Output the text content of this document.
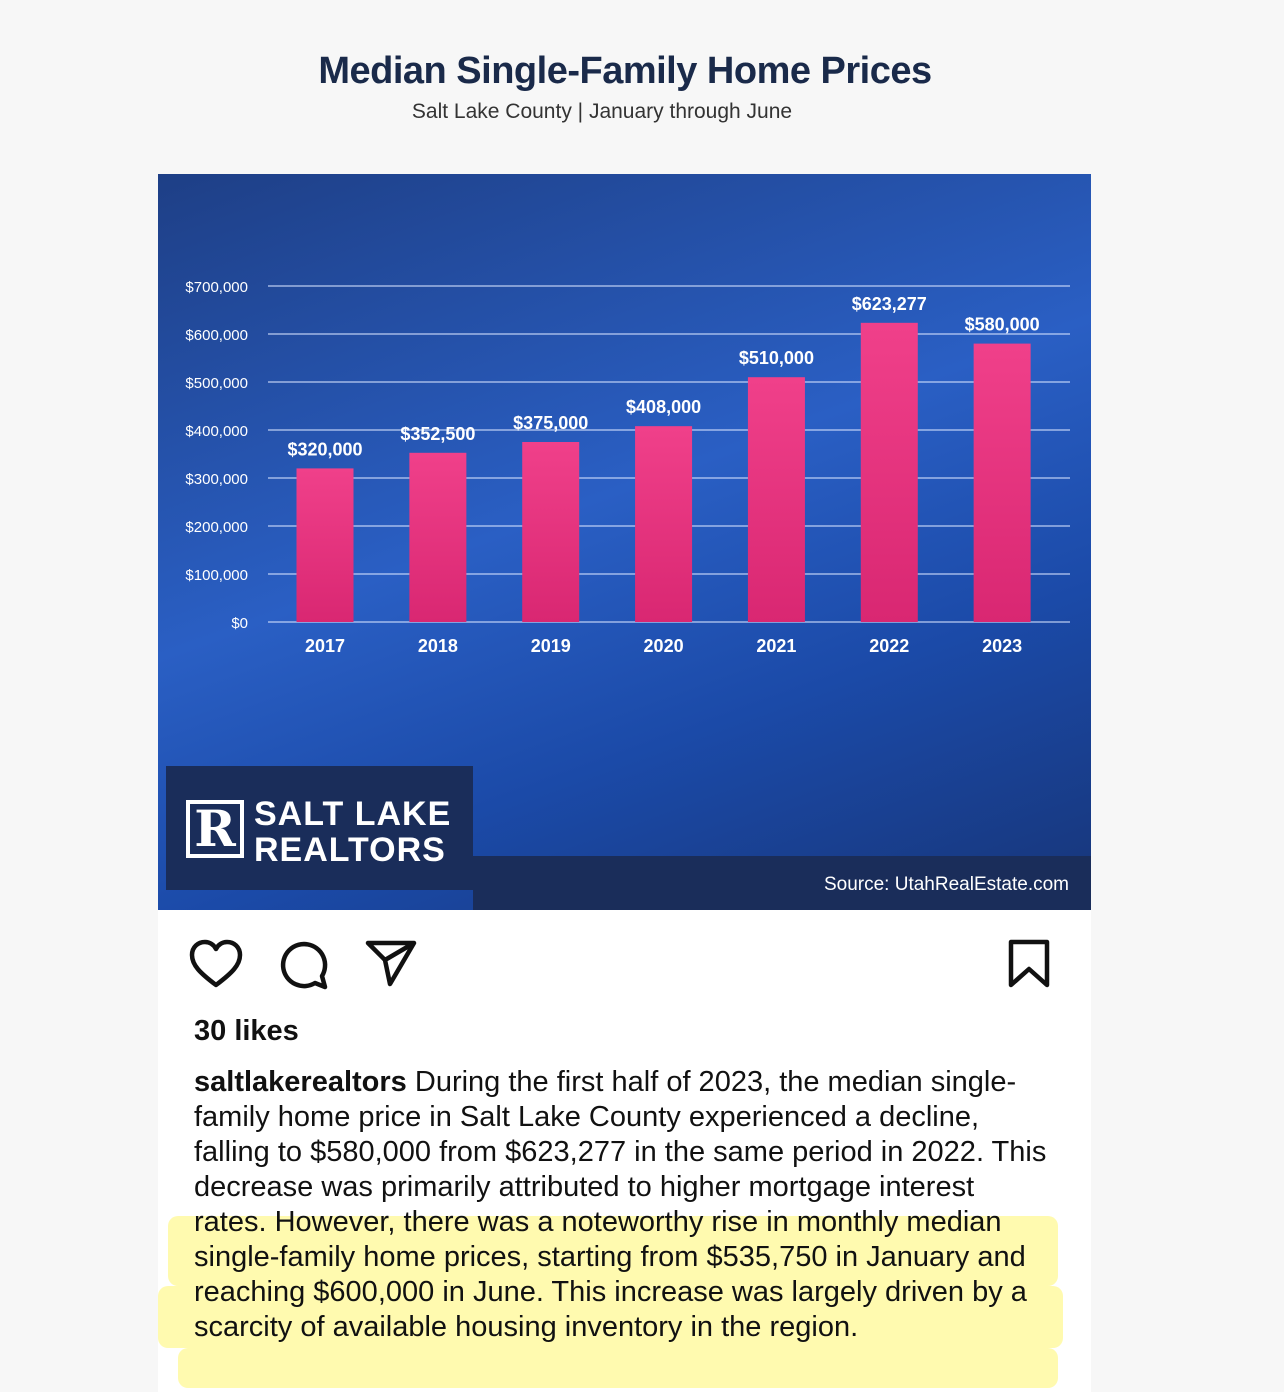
Median Single-Family Home Prices
Salt Lake County | January through June
$0
$100,000
$200,000
$300,000
$400,000
$500,000
$600,000
$700,000
$320,000
2017
$352,500
2018
$375,000
2019
$408,000
2020
$510,000
2021
$623,277
2022
$580,000
2023
R SALT LAKE
REALTORS
Source: UtahRealEstate.com
30 likes
saltlakerealtors During the first half of 2023, the median single-family home price in Salt Lake County experienced a decline, falling to $580,000 from $623,277 in the same period in 2022. This decrease was primarily attributed to higher mortgage interest rates. However, there was a noteworthy rise in monthly median single-family home prices, starting from $535,750 in January and reaching $600,000 in June. This increase was largely driven by a scarcity of available housing inventory in the region.
